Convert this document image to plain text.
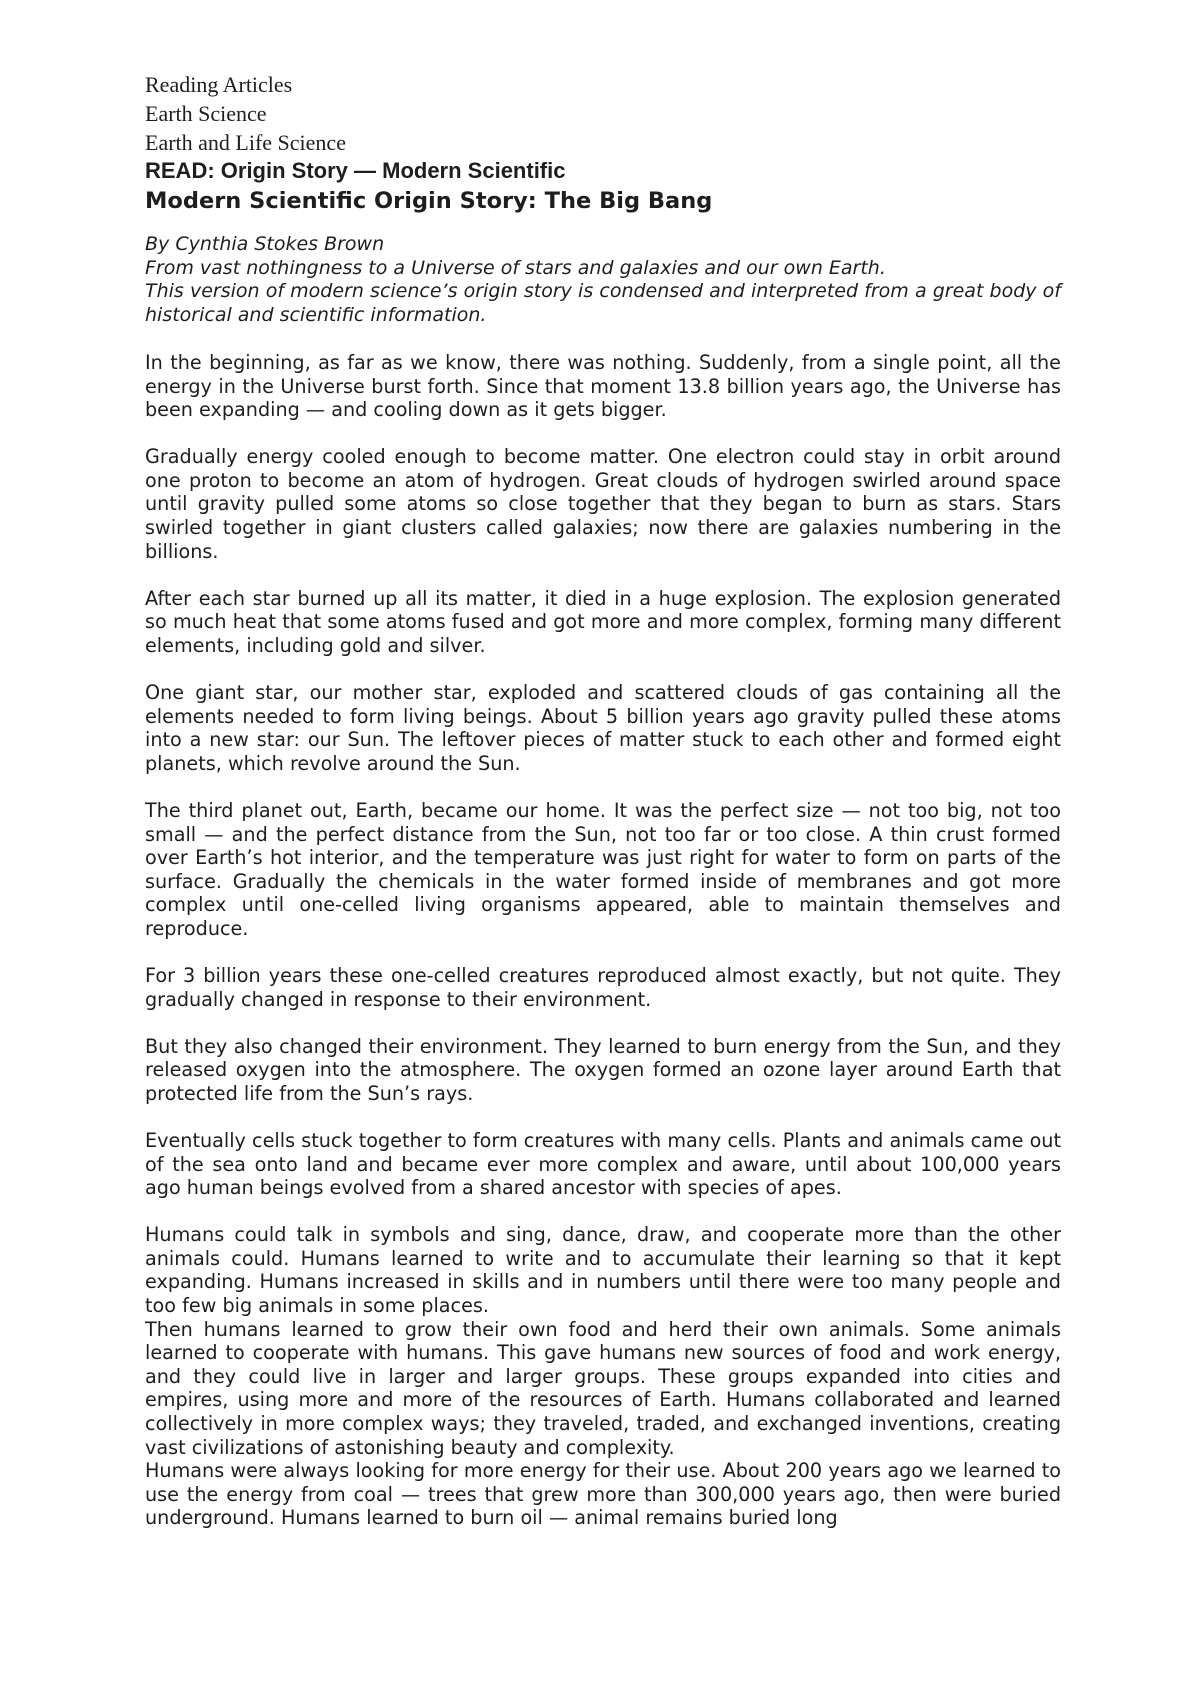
Reading Articles

Earth Science

Earth and Life Science

READ: Origin Story — Modern Scientific
Modern Scientific Origin Story: The Big Bang

By Cynthia Stokes Brown

From vast nothingness to a Universe of stars and galaxies and our own Earth.

This version of modern science’s origin story is condensed and interpreted from a great body of historical and scientific information.

In the beginning, as far as we know, there was nothing. Suddenly, from a single point, all the energy in the Universe burst forth. Since that moment 13.8 billion years ago, the Universe has been expanding — and cooling down as it gets bigger.

Gradually energy cooled enough to become matter. One electron could stay in orbit around one proton to become an atom of hydrogen. Great clouds of hydrogen swirled around space until gravity pulled some atoms so close together that they began to burn as stars. Stars swirled together in giant clusters called galaxies; now there are galaxies numbering in the billions.

After each star burned up all its matter, it died in a huge explosion. The explosion generated so much heat that some atoms fused and got more and more complex, forming many different elements, including gold and silver.

One giant star, our mother star, exploded and scattered clouds of gas containing all the elements needed to form living beings. About 5 billion years ago gravity pulled these atoms into a new star: our Sun. The leftover pieces of matter stuck to each other and formed eight planets, which revolve around the Sun.

The third planet out, Earth, became our home. It was the perfect size — not too big, not too small — and the perfect distance from the Sun, not too far or too close. A thin crust formed over Earth’s hot interior, and the temperature was just right for water to form on parts of the surface. Gradually the chemicals in the water formed inside of membranes and got more complex until one-celled living organisms appeared, able to maintain themselves and reproduce.

For 3 billion years these one-celled creatures reproduced almost exactly, but not quite. They gradually changed in response to their environment.

But they also changed their environment. They learned to burn energy from the Sun, and they released oxygen into the atmosphere. The oxygen formed an ozone layer around Earth that protected life from the Sun’s rays.

Eventually cells stuck together to form creatures with many cells. Plants and animals came out of the sea onto land and became ever more complex and aware, until about 100,000 years ago human beings evolved from a shared ancestor with species of apes.

Humans could talk in symbols and sing, dance, draw, and cooperate more than the other animals could. Humans learned to write and to accumulate their learning so that it kept expanding. Humans increased in skills and in numbers until there were too many people and too few big animals in some places.

Then humans learned to grow their own food and herd their own animals. Some animals learned to cooperate with humans. This gave humans new sources of food and work energy, and they could live in larger and larger groups. These groups expanded into cities and empires, using more and more of the resources of Earth. Humans collaborated and learned collectively in more complex ways; they traveled, traded, and exchanged inventions, creating vast civilizations of astonishing beauty and complexity.

Humans were always looking for more energy for their use. About 200 years ago we learned to use the energy from coal — trees that grew more than 300,000 years ago, then were buried underground. Humans learned to burn oil — animal remains buried long
